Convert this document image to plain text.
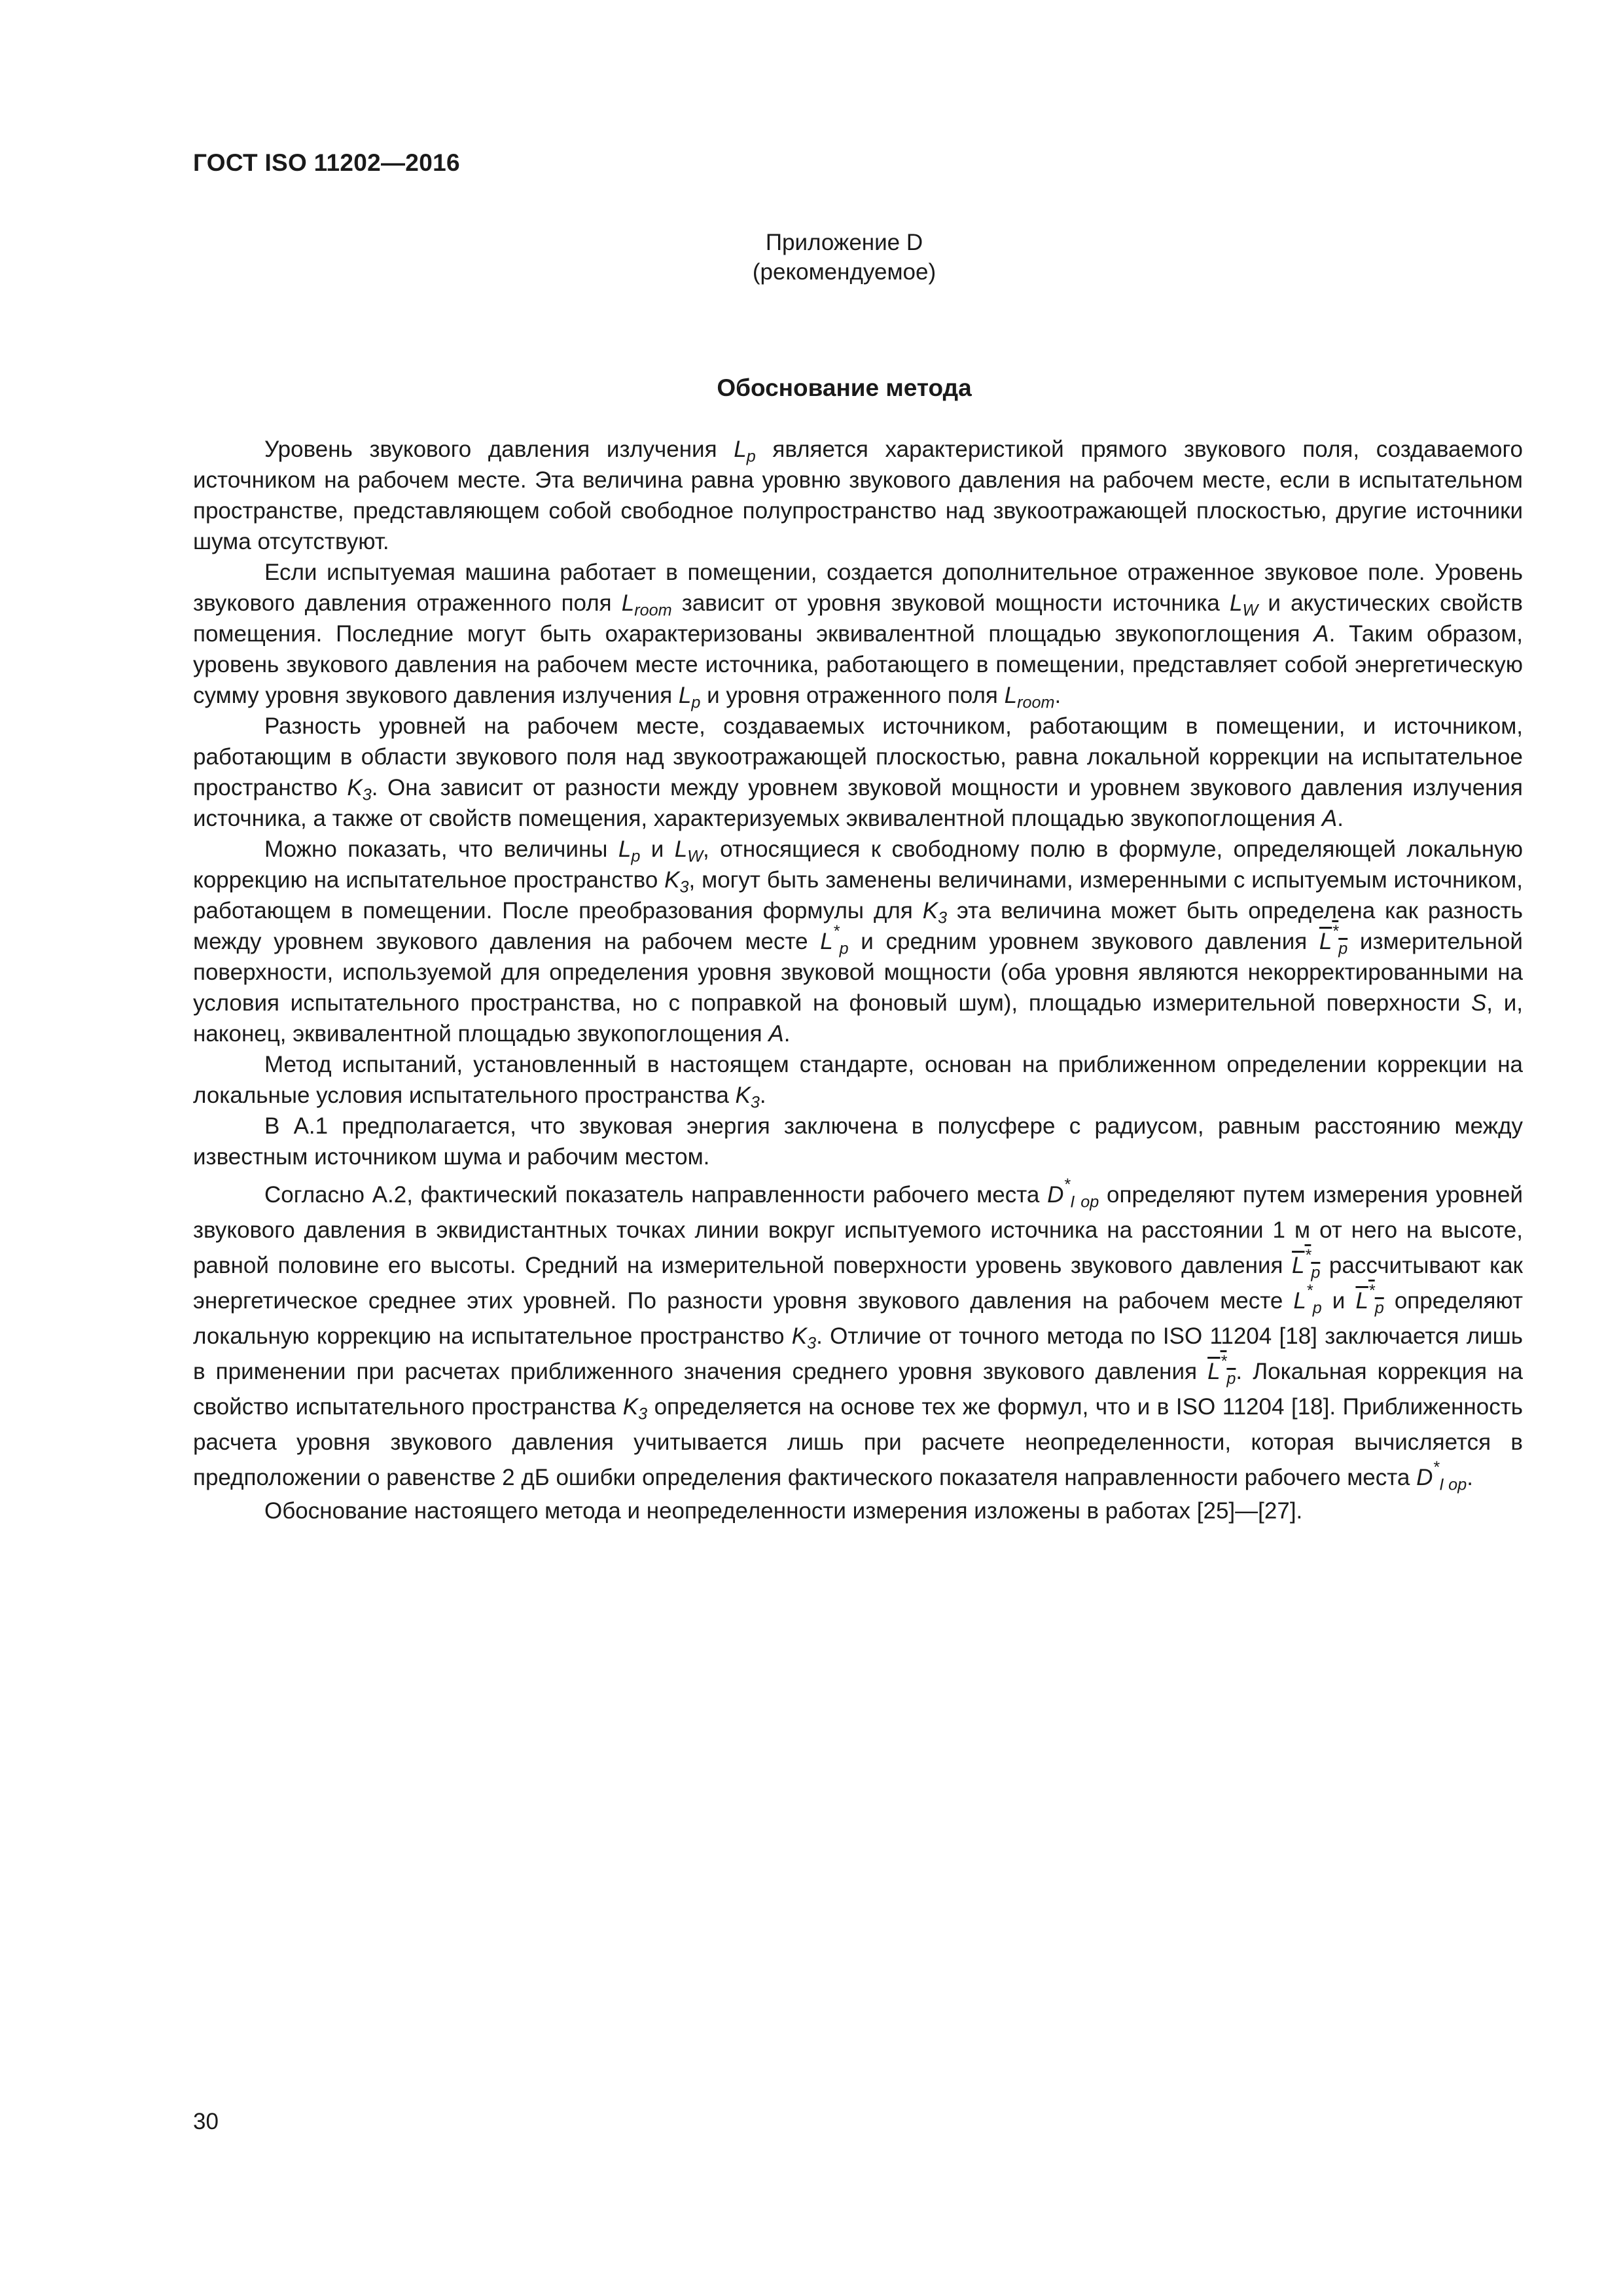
ГОСТ ISO 11202—2016
Приложение D
(рекомендуемое)
Обоснование метода

Уровень звукового давления излучения $L_p$ является характеристикой прямого звукового поля, создаваемого источником на рабочем месте. Эта величина равна уровню звукового давления на рабочем месте, если в испытательном пространстве, представляющем собой свободное полупространство над звукоотражающей плоскостью, другие источники шума отсутствуют.

Если испытуемая машина работает в помещении, создается дополнительное отраженное звуковое поле. Уровень звукового давления отраженного поля $L_{room}$ зависит от уровня звуковой мощности источника $L_W$ и акустических свойств помещения. Последние могут быть охарактеризованы эквивалентной площадью звукопоглощения A. Таким образом, уровень звукового давления на рабочем месте источника, работающего в помещении, представляет собой энергетическую сумму уровня звукового давления излучения $L_p$ и уровня отраженного поля $L_{room}$.

Разность уровней на рабочем месте, создаваемых источником, работающим в помещении, и источником, работающим в области звукового поля над звукоотражающей плоскостью, равна локальной коррекции на испытательное пространство $K_3$. Она зависит от разности между уровнем звуковой мощности и уровнем звукового давления излучения источника, а также от свойств помещения, характеризуемых эквивалентной площадью звукопоглощения A.

Можно показать, что величины $L_p$ и $L_W$, относящиеся к свободному полю в формуле, определяющей локальную коррекцию на испытательное пространство $K_3$, могут быть заменены величинами, измеренными с испытуемым источником, работающем в помещении. После преобразования формулы для $K_3$ эта величина может быть определена как разность между уровнем звукового давления на рабочем месте $L^*_p$ и средним уровнем звукового давления $L^*_p$ измерительной поверхности, используемой для определения уровня звуковой мощности (оба уровня являются некорректированными на условия испытательного пространства, но с поправкой на фоновый шум), площадью измерительной поверхности S, и, наконец, эквивалентной площадью звукопоглощения A.

Метод испытаний, установленный в настоящем стандарте, основан на приближенном определении коррекции на локальные условия испытательного пространства $K_3$.

В А.1 предполагается, что звуковая энергия заключена в полусфере с радиусом, равным расстоянию между известным источником шума и рабочим местом.

Согласно А.2, фактический показатель направленности рабочего места $D^*_{I op}$ определяют путем измерения уровней звукового давления в эквидистантных точках линии вокруг испытуемого источника на расстоянии 1 м от него на высоте, равной половине его высоты. Средний на измерительной поверхности уровень звукового давления $L^*_p$ рассчитывают как энергетическое среднее этих уровней. По разности уровня звукового давления на рабочем месте $L^*_p$ и $L^*_p$ определяют локальную коррекцию на испытательное пространство $K_3$. Отличие от точного метода по ISO 11204 [18] заключается лишь в применении при расчетах приближенного значения среднего уровня звукового давления $L^*_p$. Локальная коррекция на свойство испытательного пространства $K_3$ определяется на основе тех же формул, что и в ISO 11204 [18]. Приближенность расчета уровня звукового давления учитывается лишь при расчете неопределенности, которая вычисляется в предположении о равенстве 2 дБ ошибки определения фактического показателя направленности рабочего места $D^*_{I op}$.

Обоснование настоящего метода и неопределенности измерения изложены в работах [25]—[27].

30
